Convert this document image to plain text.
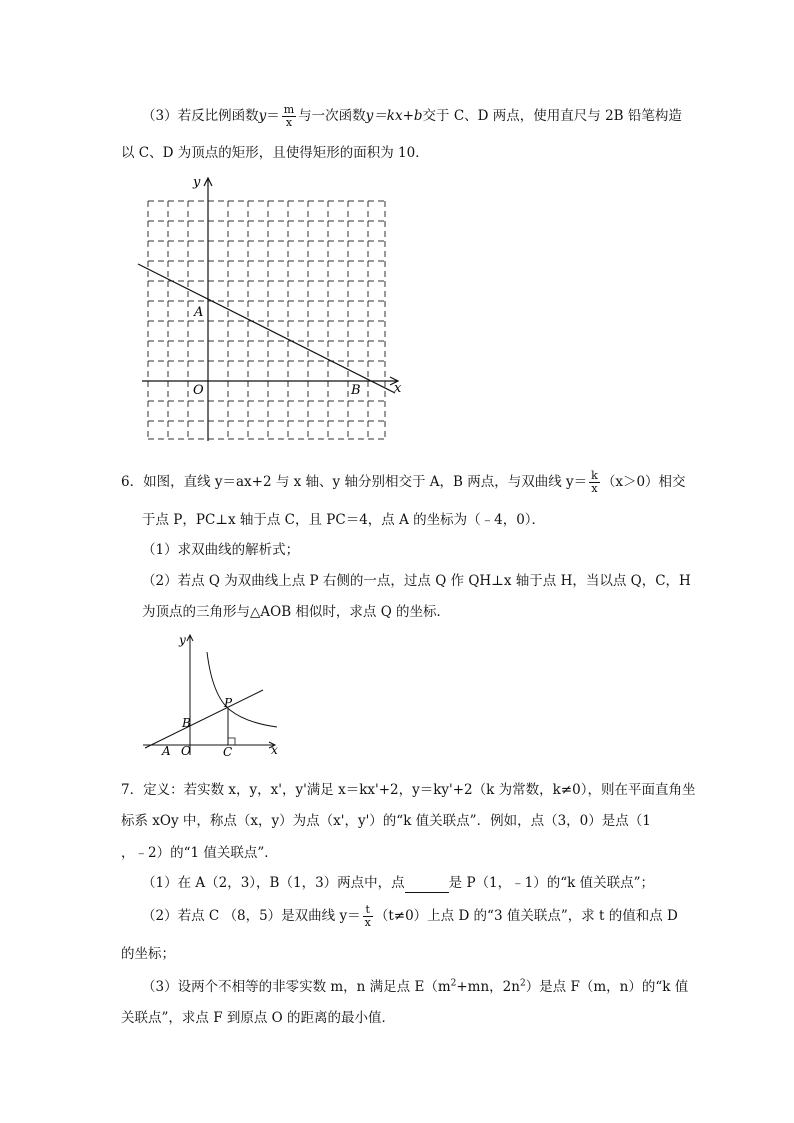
（3）若反比例函数$y= \frac{m}{x}$ 与一次函数y＝kx+b交于 C、D 两点，使用直尺与 2B 铅笔构造
以 C、D 为顶点的矩形，且使得矩形的面积为 10．
y
x
O
A
B
6．如图，直线 y＝ax+2 与 x 轴、y 轴分别相交于 A，B 两点，与双曲线 $y= \frac{k}{x} (x>0)$相交
于点 P，PC⊥x 轴于点 C，且 PC＝4，点 A 的坐标为（﹣4，0）．
（1）求双曲线的解析式；
（2）若点 Q 为双曲线上点 P 右侧的一点，过点 Q 作 QH⊥x 轴于点 H，当以点 Q，C，H
为顶点的三角形与△AOB 相似时，求点 Q 的坐标．
y
x
A O	C
B
P
7．定义：若实数 x，y，x'，y'满足 x＝kx'+2，y＝ky'+2（k 为常数，k≠0），则在平面直角坐
标系 xOy 中，称点（x，y）为点（x'，y'）的“k 值关联点”．例如，点（3，0）是点（1
，﹣2）的“1 值关联点”．
（1）在 A（2，3），B（1，3）两点中，点	是 P（1，﹣1）的“k 值关联点”；
（2）若点 C （8，5）是双曲线 $y= \frac{t}{x} (t\ne 0)$上点 D 的“3 值关联点”，求 t 的值和点 D
的坐标；
（3）设两个不相等的非零实数 m，n 满足点 $E(m^2+mn$，$2n^2$）是点 F（m，n）的“k 值
关联点”，求点 F 到原点 O 的距离的最小值．
